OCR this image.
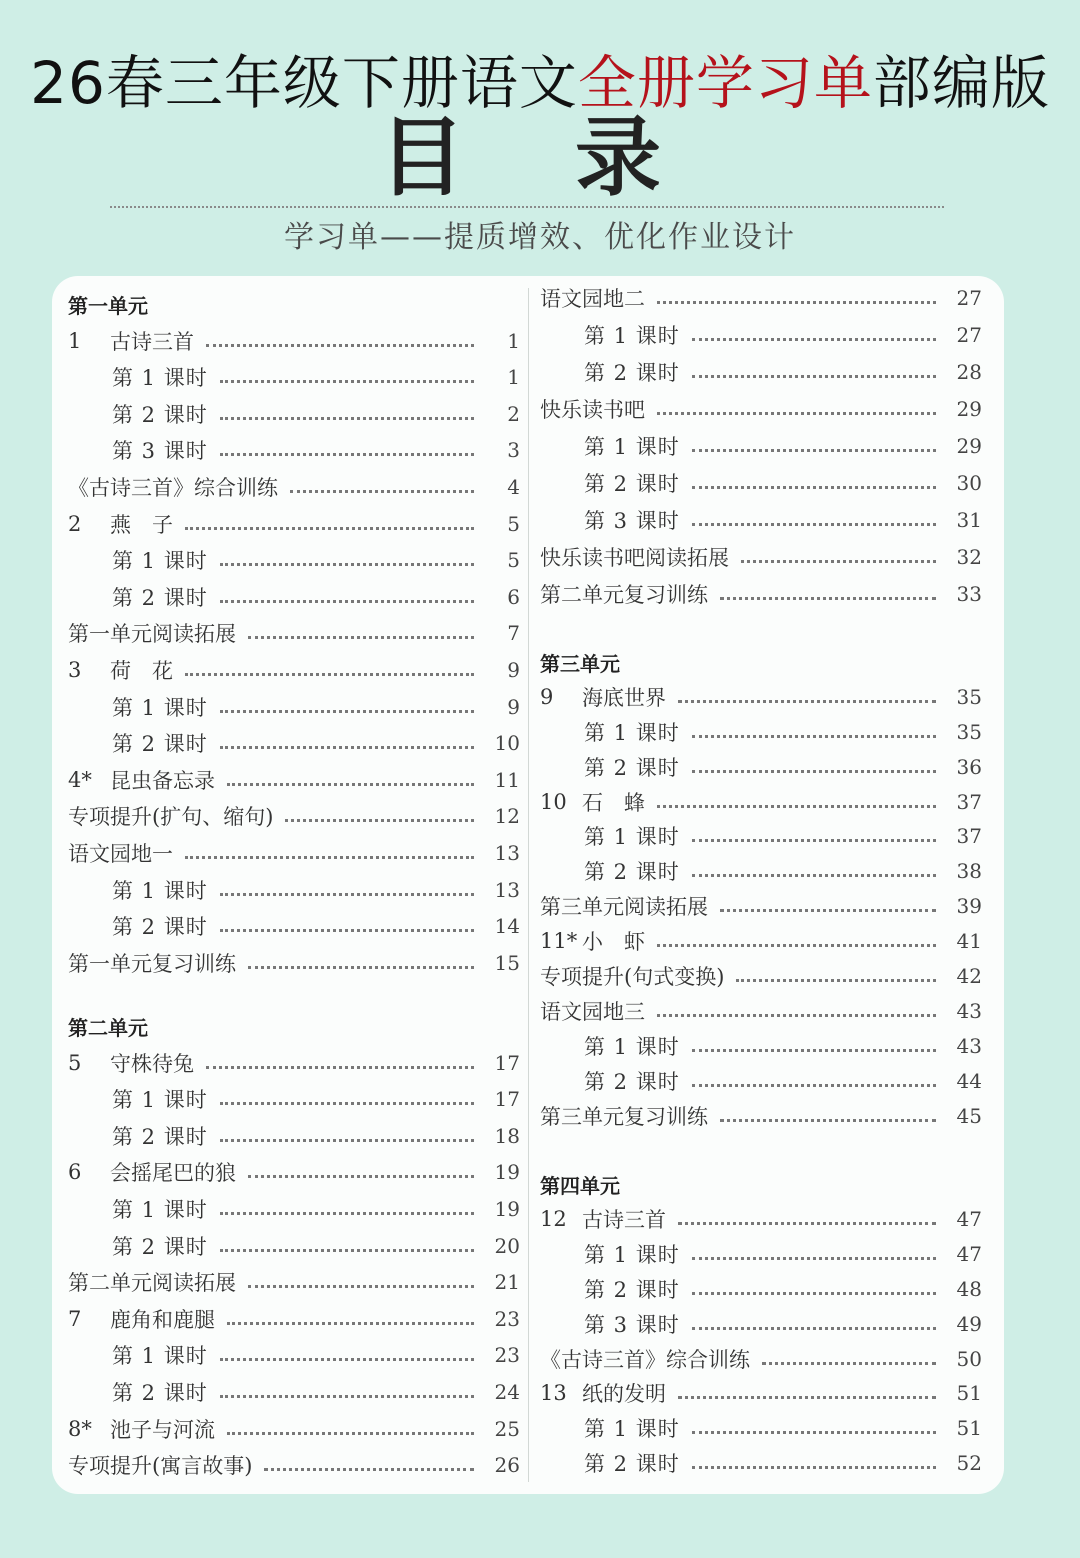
26春三年级下册语文全册学习单部编版
目 录
学习单——提质增效、优化作业设计
第一单元
1	古诗三首	1
第 1 课时	1
第 2 课时	2
第 3 课时	3
《古诗三首》综合训练	4
2	燕　子	5
第 1 课时	5
第 2 课时	6
第一单元阅读拓展	7
3	荷　花	9
第 1 课时	9
第 2 课时	10
4* 昆虫备忘录	11
专项提升(扩句、缩句)	12
语文园地一	13
第 1 课时	13
第 2 课时	14
第一单元复习训练	15
第二单元
5	守株待兔	17
第 1 课时	17
第 2 课时	18
6	会摇尾巴的狼	19
第 1 课时	19
第 2 课时	20
第二单元阅读拓展	21
7	鹿角和鹿腿	23
第 1 课时	23
第 2 课时	24
8* 池子与河流	25
专项提升(寓言故事)	26
语文园地二	27
第 1 课时	27
第 2 课时	28
快乐读书吧	29
第 1 课时	29
第 2 课时	30
第 3 课时	31
快乐读书吧阅读拓展	32
第二单元复习训练	33
第三单元
9	海底世界	35
第 1 课时	35
第 2 课时	36
10 石　蜂	37
第 1 课时	37
第 2 课时	38
第三单元阅读拓展	39
11* 小　虾	41
专项提升(句式变换)	42
语文园地三	43
第 1 课时	43
第 2 课时	44
第三单元复习训练	45
第四单元
12 古诗三首	47
第 1 课时	47
第 2 课时	48
第 3 课时	49
《古诗三首》综合训练	50
13 纸的发明	51
第 1 课时	51
第 2 课时	52
